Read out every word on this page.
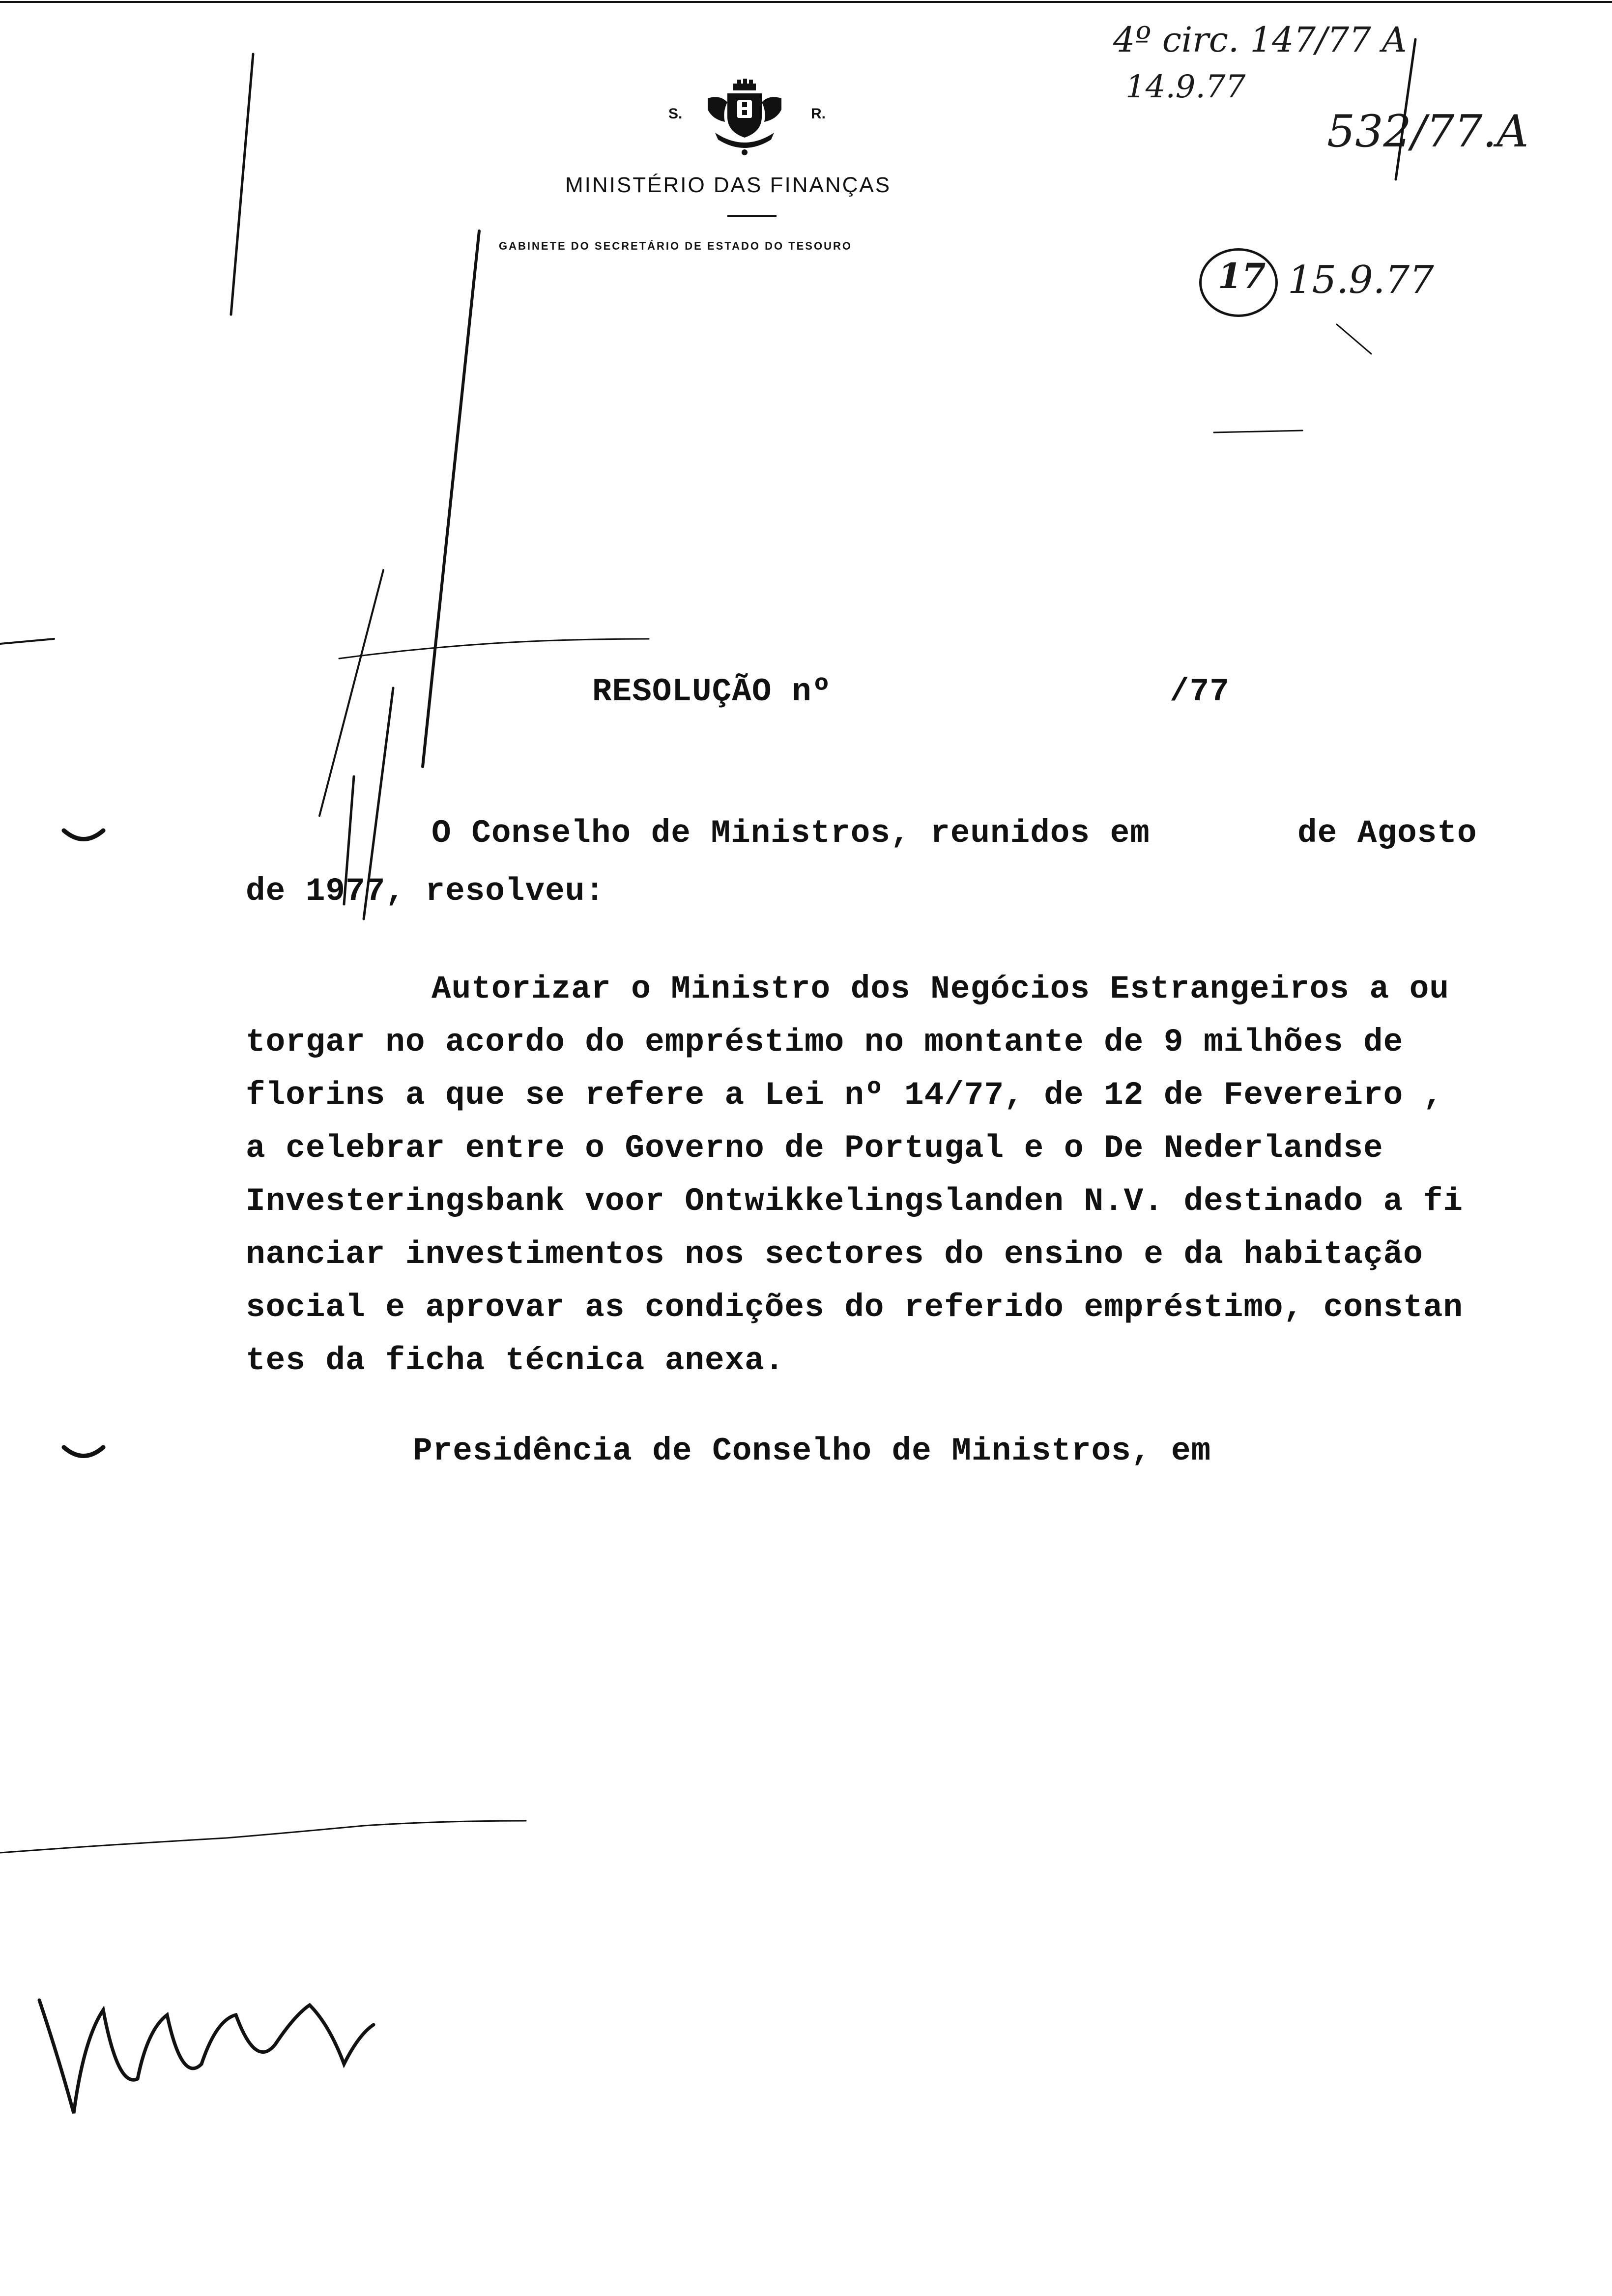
S.	R.
MINISTÉRIO DAS FINANÇAS
GABINETE DO SECRETÁRIO DE ESTADO DO TESOURO
4º circ. 147/77 A
14.9.77
532/77.A
17 15.9.77
RESOLUÇÃO nº	/77
O Conselho de Ministros, reunidos em	de Agosto
de 1977, resolveu:
Autorizar o Ministro dos Negócios Estrangeiros a ou
torgar no acordo do empréstimo no montante de 9 milhões de
florins a que se refere a Lei nº 14/77, de 12 de Fevereiro ,
a celebrar entre o Governo de Portugal e o De Nederlandse
Investeringsbank voor Ontwikkelingslanden N.V. destinado a fi
nanciar investimentos nos sectores do ensino e da habitação
social e aprovar as condições do referido empréstimo, constan
tes da ficha técnica anexa.
Presidência de Conselho de Ministros, em
